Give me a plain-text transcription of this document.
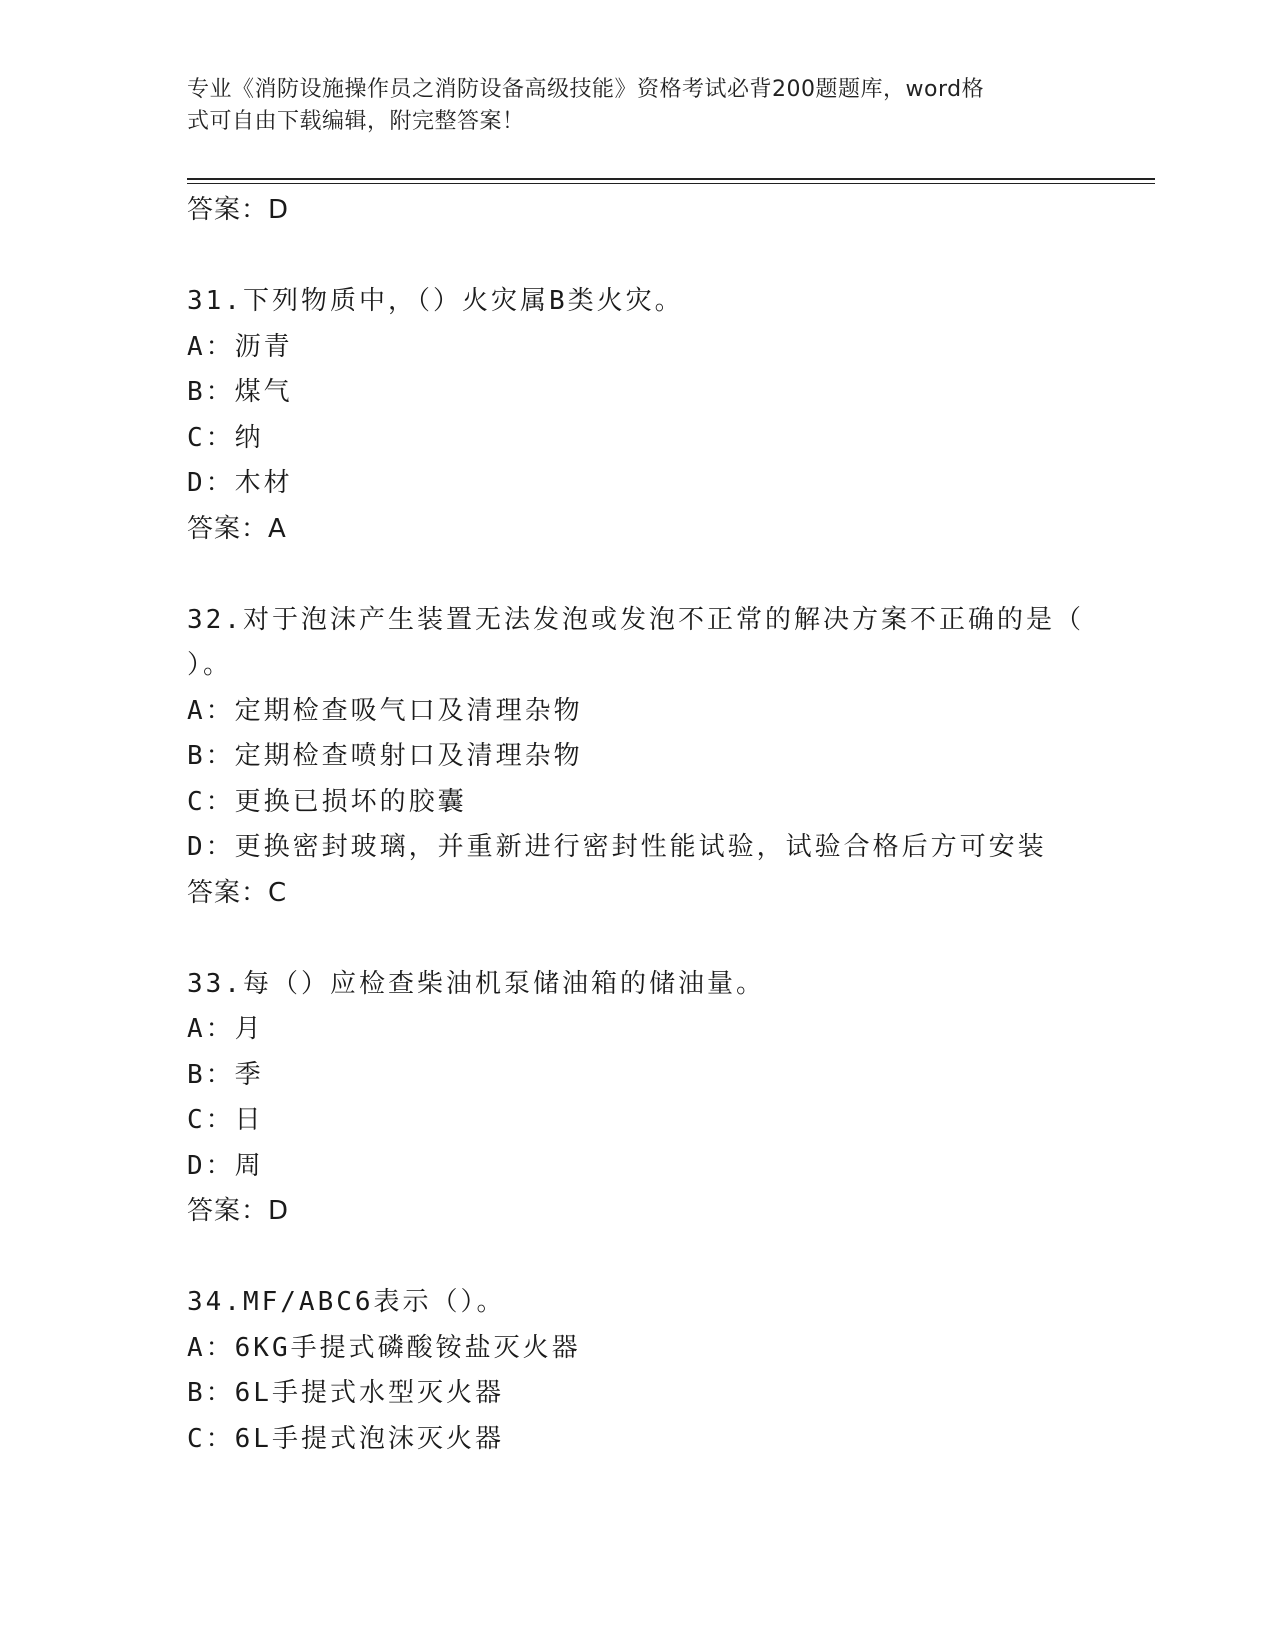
专业《消防设施操作员之消防设备高级技能》资格考试必背200题题库，word格
式可自由下载编辑，附完整答案！
答案：D
31.下列物质中，（）火灾属B类火灾。
A：沥青
B：煤气
C：纳
D：木材
答案：A
32.对于泡沫产生装置无法发泡或发泡不正常的解决方案不正确的是（
）。
A：定期检查吸气口及清理杂物
B：定期检查喷射口及清理杂物
C：更换已损坏的胶囊
D：更换密封玻璃，并重新进行密封性能试验，试验合格后方可安装
答案：C
33.每（）应检查柴油机泵储油箱的储油量。
A：月
B：季
C：日
D：周
答案：D
34.MF/ABC6表示（）。
A：6KG手提式磷酸铵盐灭火器
B：6L手提式水型灭火器
C：6L手提式泡沫灭火器
